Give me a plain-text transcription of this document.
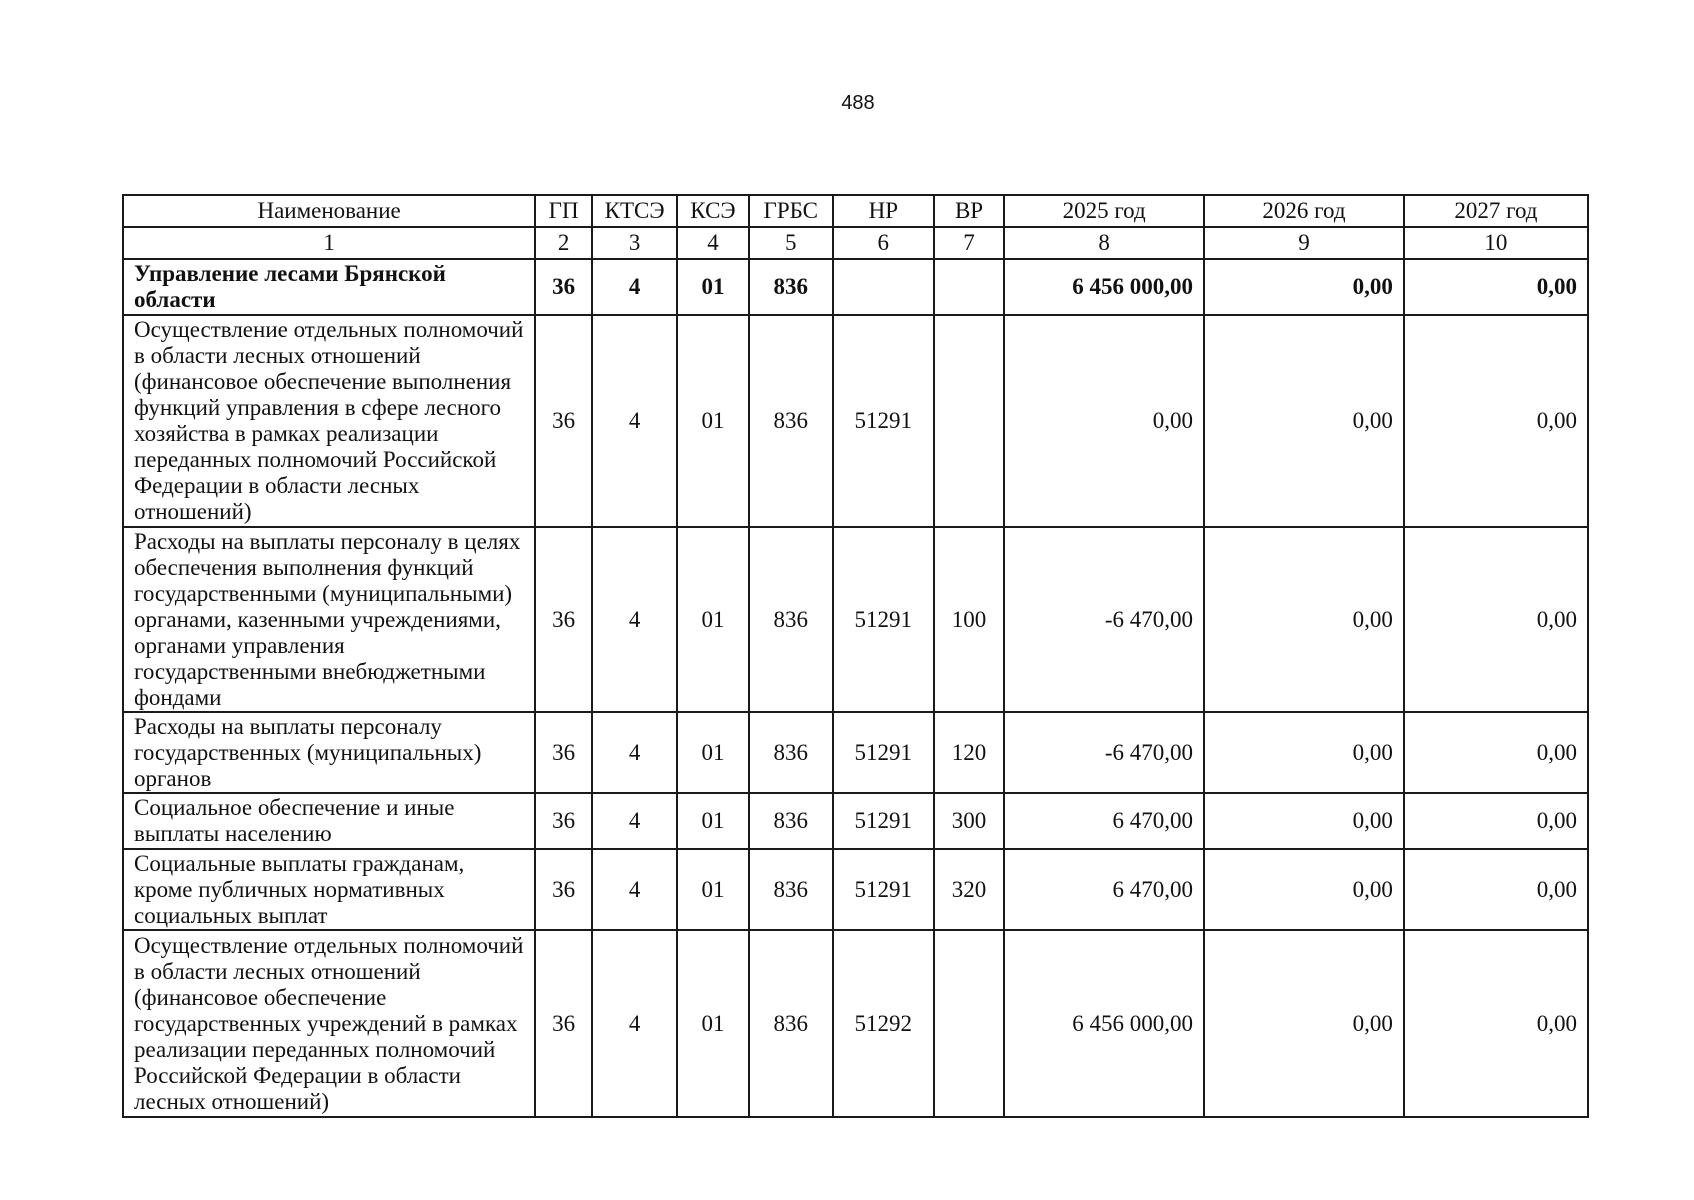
488
Наименование	ГП	КТСЭ	КСЭ	ГРБС	НР	ВР	2025 год	2026 год	2027 год
1	2	3	4	5	6	7	8	9	10
Управление лесами Брянской области	36	4	01	836			6 456 000,00	0,00	0,00
Осуществление отдельных полномочий в области лесных отношений (финансовое обеспечение выполнения функций управления в сфере лесного хозяйства в рамках реализации переданных полномочий Российской Федерации в области лесных отношений)	36	4	01	836	51291		0,00	0,00	0,00
Расходы на выплаты персоналу в целях обеспечения выполнения функций государственными (муниципальными) органами, казенными учреждениями, органами управления государственными внебюджетными фондами	36	4	01	836	51291	100	-6 470,00	0,00	0,00
Расходы на выплаты персоналу государственных (муниципальных) органов	36	4	01	836	51291	120	-6 470,00	0,00	0,00
Социальное обеспечение и иные выплаты населению	36	4	01	836	51291	300	6 470,00	0,00	0,00
Социальные выплаты гражданам, кроме публичных нормативных социальных выплат	36	4	01	836	51291	320	6 470,00	0,00	0,00
Осуществление отдельных полномочий в области лесных отношений (финансовое обеспечение государственных учреждений в рамках реализации переданных полномочий Российской Федерации в области лесных отношений)	36	4	01	836	51292		6 456 000,00	0,00	0,00
